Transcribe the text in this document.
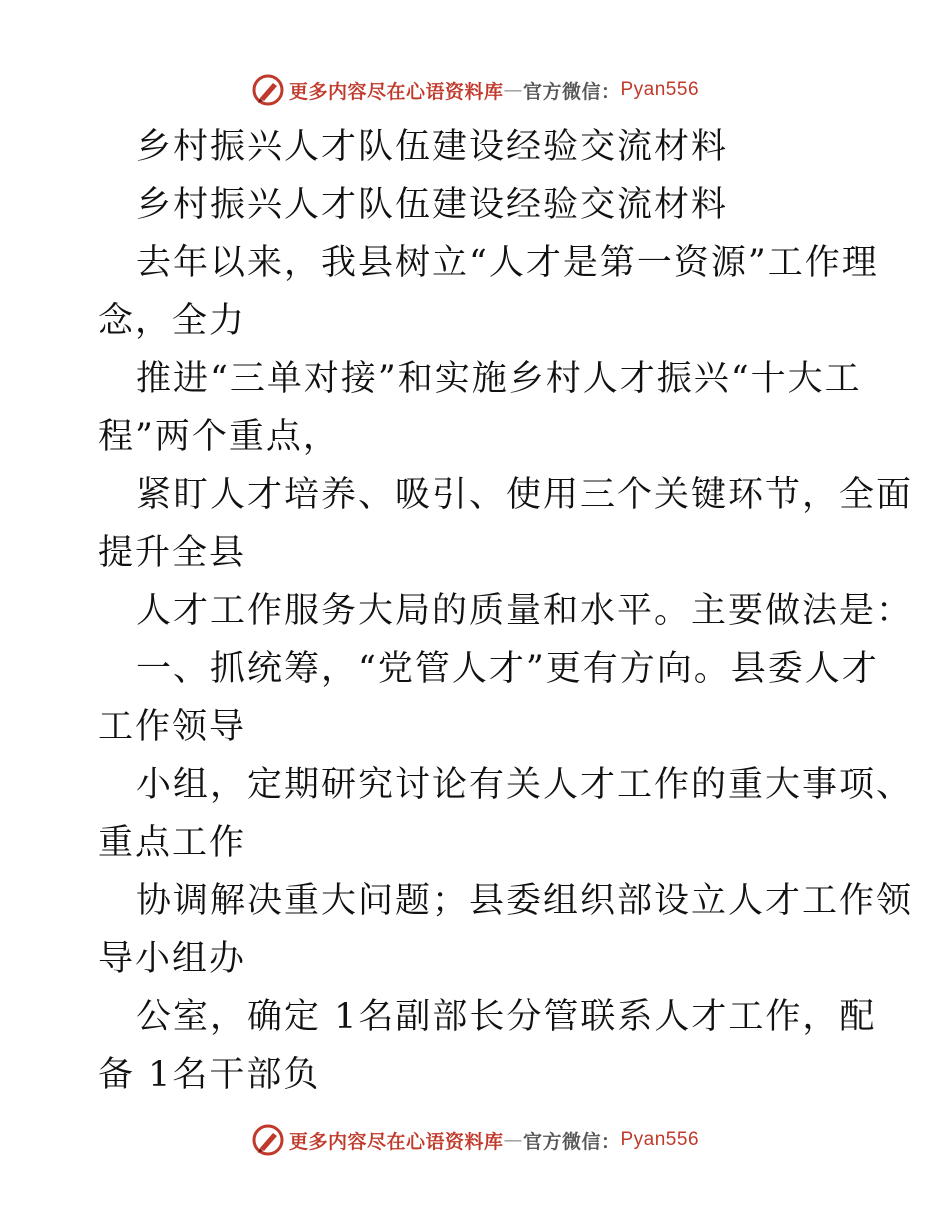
更多内容尽在心语资料库 — 官方微信： Pyan556
乡村振兴人才队伍建设经验交流材料
乡村振兴人才队伍建设经验交流材料
去年以来，我县树立“人才是第一资源”工作理
念，全力
推进“三单对接”和实施乡村人才振兴“十大工
程”两个重点，
紧盯人才培养、吸引、使用三个关键环节，全面
提升全县
人才工作服务大局的质量和水平。主要做法是：
一、抓统筹，“党管人才”更有方向。县委人才
工作领导
小组，定期研究讨论有关人才工作的重大事项、
重点工作
协调解决重大问题；县委组织部设立人才工作领
导小组办
公室，确定 1名副部长分管联系人才工作，配
备 1名干部负
更多内容尽在心语资料库 — 官方微信： Pyan556
